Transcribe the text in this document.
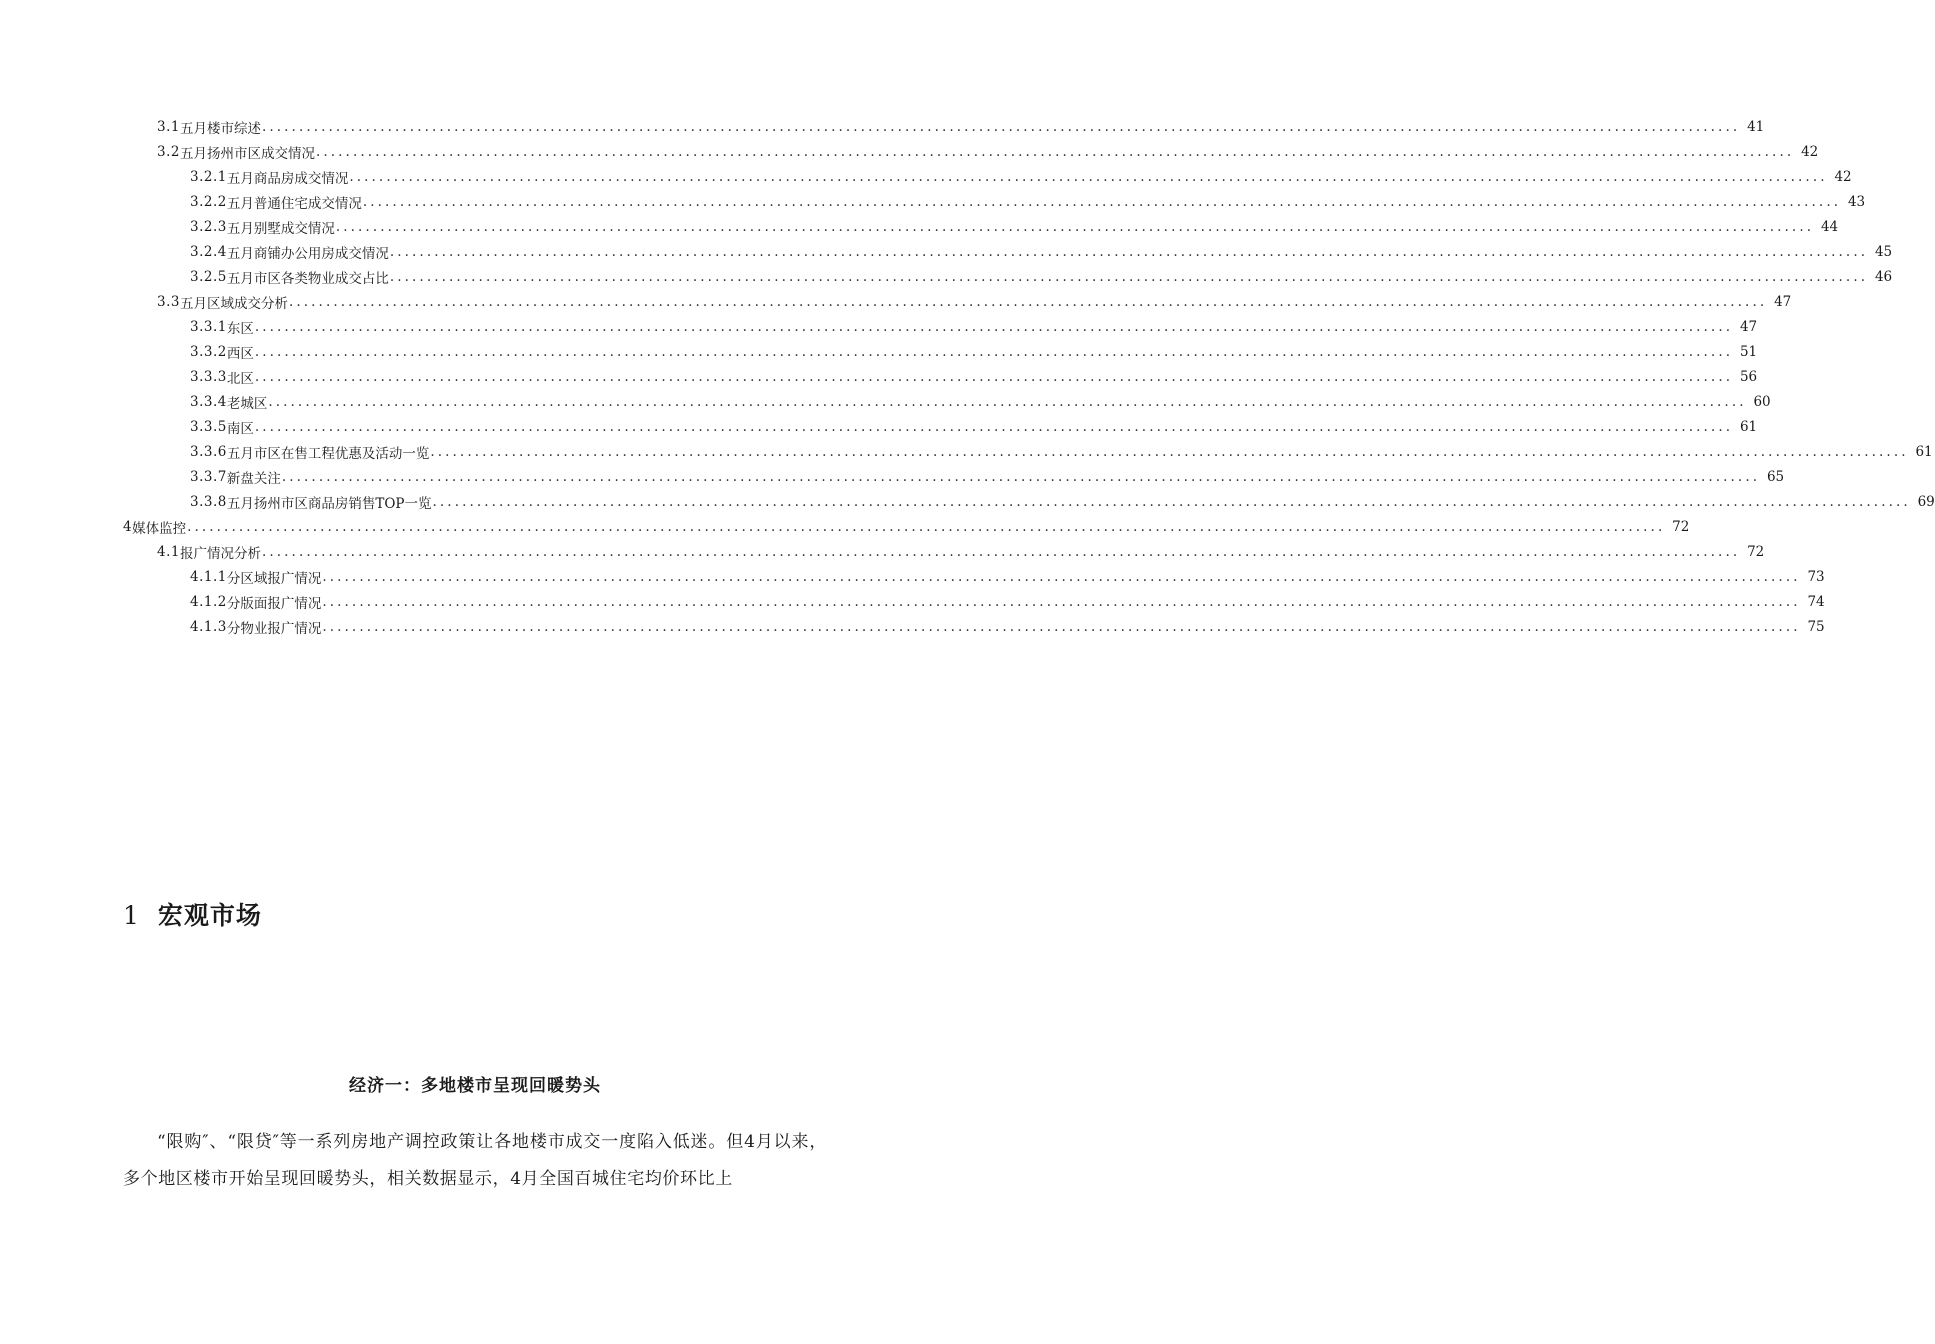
3.1 五月楼市综述 ........................................................................................................................................................................................................ 41
3.2 五月扬州市区成交情况 ........................................................................................................................................................................................................ 42
3.2.1 五月商品房成交情况 ........................................................................................................................................................................................................ 42
3.2.2 五月普通住宅成交情况 ........................................................................................................................................................................................................ 43
3.2.3 五月别墅成交情况 ........................................................................................................................................................................................................ 44
3.2.4 五月商铺办公用房成交情况 ........................................................................................................................................................................................................ 45
3.2.5 五月市区各类物业成交占比 ........................................................................................................................................................................................................ 46
3.3 五月区域成交分析 ........................................................................................................................................................................................................ 47
3.3.1 东区 ........................................................................................................................................................................................................ 47
3.3.2 西区 ........................................................................................................................................................................................................ 51
3.3.3 北区 ........................................................................................................................................................................................................ 56
3.3.4 老城区 ........................................................................................................................................................................................................ 60
3.3.5 南区 ........................................................................................................................................................................................................ 61
3.3.6 五月市区在售工程优惠及活动一览 ........................................................................................................................................................................................................ 61
3.3.7 新盘关注 ........................................................................................................................................................................................................ 65
3.3.8 五月扬州市区商品房销售TOP一览 ........................................................................................................................................................................................................ 69
4 媒体监控 ........................................................................................................................................................................................................ 72
4.1 报广情况分析 ........................................................................................................................................................................................................ 72
4.1.1 分区域报广情况 ........................................................................................................................................................................................................ 73
4.1.2 分版面报广情况 ........................................................................................................................................................................................................ 74
4.1.3 分物业报广情况 ........................................................................................................................................................................................................ 75
1 宏观市场
经济一：多地楼市呈现回暖势头
“限购″、“限贷″等一系列房地产调控政策让各地楼市成交一度陷入低迷。但4月以来，多个地区楼市开始呈现回暖势头，相关数据显示，4月全国百城住宅均价环比上
